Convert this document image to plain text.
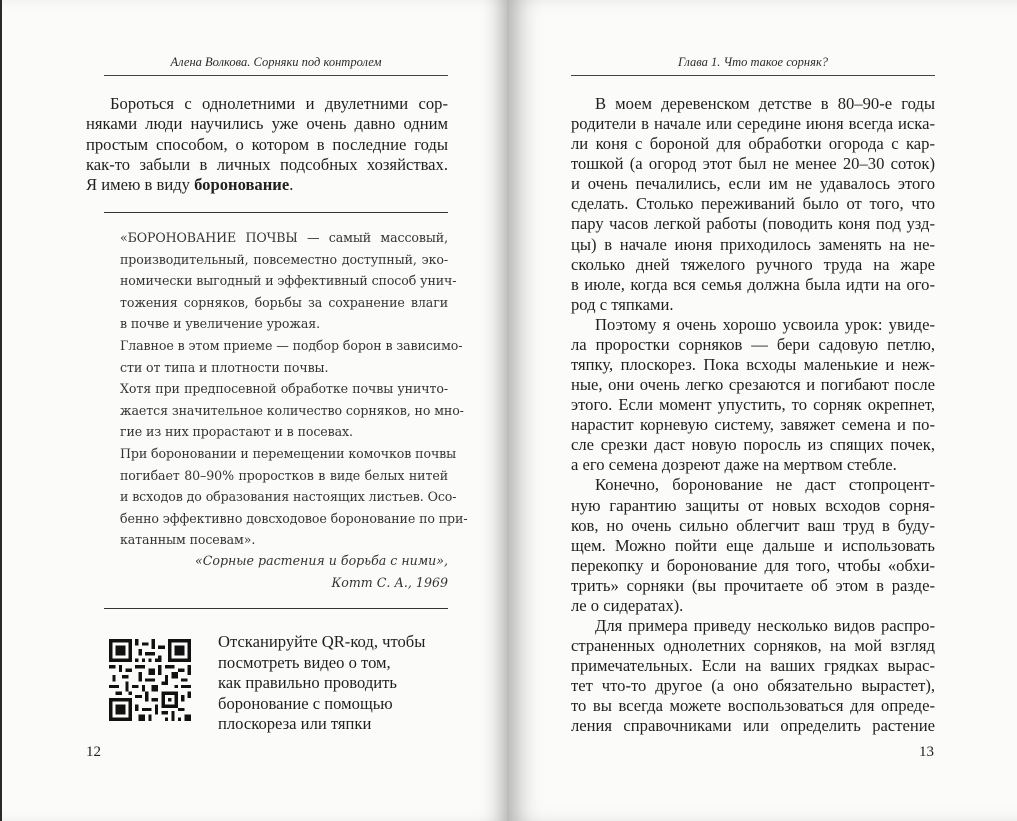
Алена Волкова. Сорняки под контролем
Бороться с однолетними и двулетними сор-
няками люди научились уже очень давно одним
простым способом, о котором в последние годы
как-то забыли в личных подсобных хозяйствах.
Я имею в виду боронование.
«БОРОНОВАНИЕ ПОЧВЫ — самый массовый,
производительный, повсеместно доступный, эко-
номически выгодный и эффективный способ унич-
тожения сорняков, борьбы за сохранение влаги
в почве и увеличение урожая.
Главное в этом приеме — подбор борон в зависимо-
сти от типа и плотности почвы.
Хотя при предпосевной обработке почвы уничто-
жается значительное количество сорняков, но мно-
гие из них прорастают и в посевах.
При бороновании и перемещении комочков почвы
погибает 80–90% проростков в виде белых нитей
и всходов до образования настоящих листьев. Осо-
бенно эффективно довсходовое боронование по при-
катанным посевам».
«Сорные растения и борьба с ними»,
Котт С. А., 1969
Отсканируйте QR-код, чтобы
посмотреть видео о том,
как правильно проводить
боронование с помощью
плоскореза или тяпки
12
Глава 1. Что такое сорняк?
В моем деревенском детстве в 80–90-е годы
родители в начале или середине июня всегда иска-
ли коня с бороной для обработки огорода с кар-
тошкой (а огород этот был не менее 20–30 соток)
и очень печалились, если им не удавалось этого
сделать. Столько переживаний было от того, что
пару часов легкой работы (поводить коня под узд-
цы) в начале июня приходилось заменять на не-
сколько дней тяжелого ручного труда на жаре
в июле, когда вся семья должна была идти на ого-
род с тяпками.
Поэтому я очень хорошо усвоила урок: увиде-
ла проростки сорняков — бери садовую петлю,
тяпку, плоскорез. Пока всходы маленькие и неж-
ные, они очень легко срезаются и погибают после
этого. Если момент упустить, то сорняк окрепнет,
нарастит корневую систему, завяжет семена и по-
сле срезки даст новую поросль из спящих почек,
а его семена дозреют даже на мертвом стебле.
Конечно, боронование не даст стопроцент-
ную гарантию защиты от новых всходов сорня-
ков, но очень сильно облегчит ваш труд в буду-
щем. Можно пойти еще дальше и использовать
перекопку и боронование для того, чтобы «обхи-
трить» сорняки (вы прочитаете об этом в разде-
ле о сидератах).
Для примера приведу несколько видов распро-
страненных однолетних сорняков, на мой взгляд
примечательных. Если на ваших грядках вырас-
тет что-то другое (а оно обязательно вырастет),
то вы всегда можете воспользоваться для опреде-
ления справочниками или определить растение
13
